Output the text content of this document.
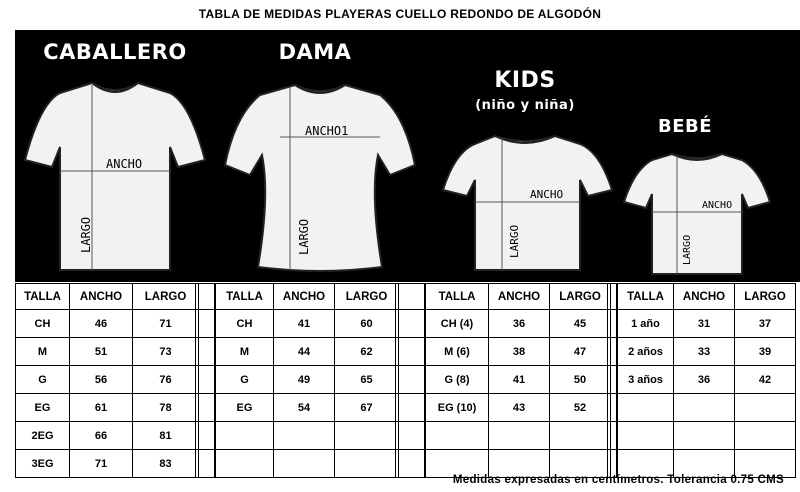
TABLA DE MEDIDAS PLAYERAS CUELLO REDONDO DE ALGODÓN
CABALLERO	DAMA
KIDS
(niño y niña)
BEBÉ
ANCHO
LARGO
ANCHO1
LARGO
ANCHO
LARGO
ANCHO
LARGO
TALLA	ANCHO	LARGO
CH	46	71
M	51	73
G	56	76
EG	61	78
2EG	66	81
3EG	71	83

TALLA	ANCHO	LARGO
CH	41	60
M	44	62
G	49	65
EG	54	67

TALLA	ANCHO	LARGO
CH (4)	36	45
M (6)	38	47
G (8)	41	50
EG (10)	43	52

TALLA	ANCHO	LARGO
1 año	31	37
2 años	33	39
3 años	36	42

Medidas expresadas en centímetros. Tolerancia 0.75 CMS
